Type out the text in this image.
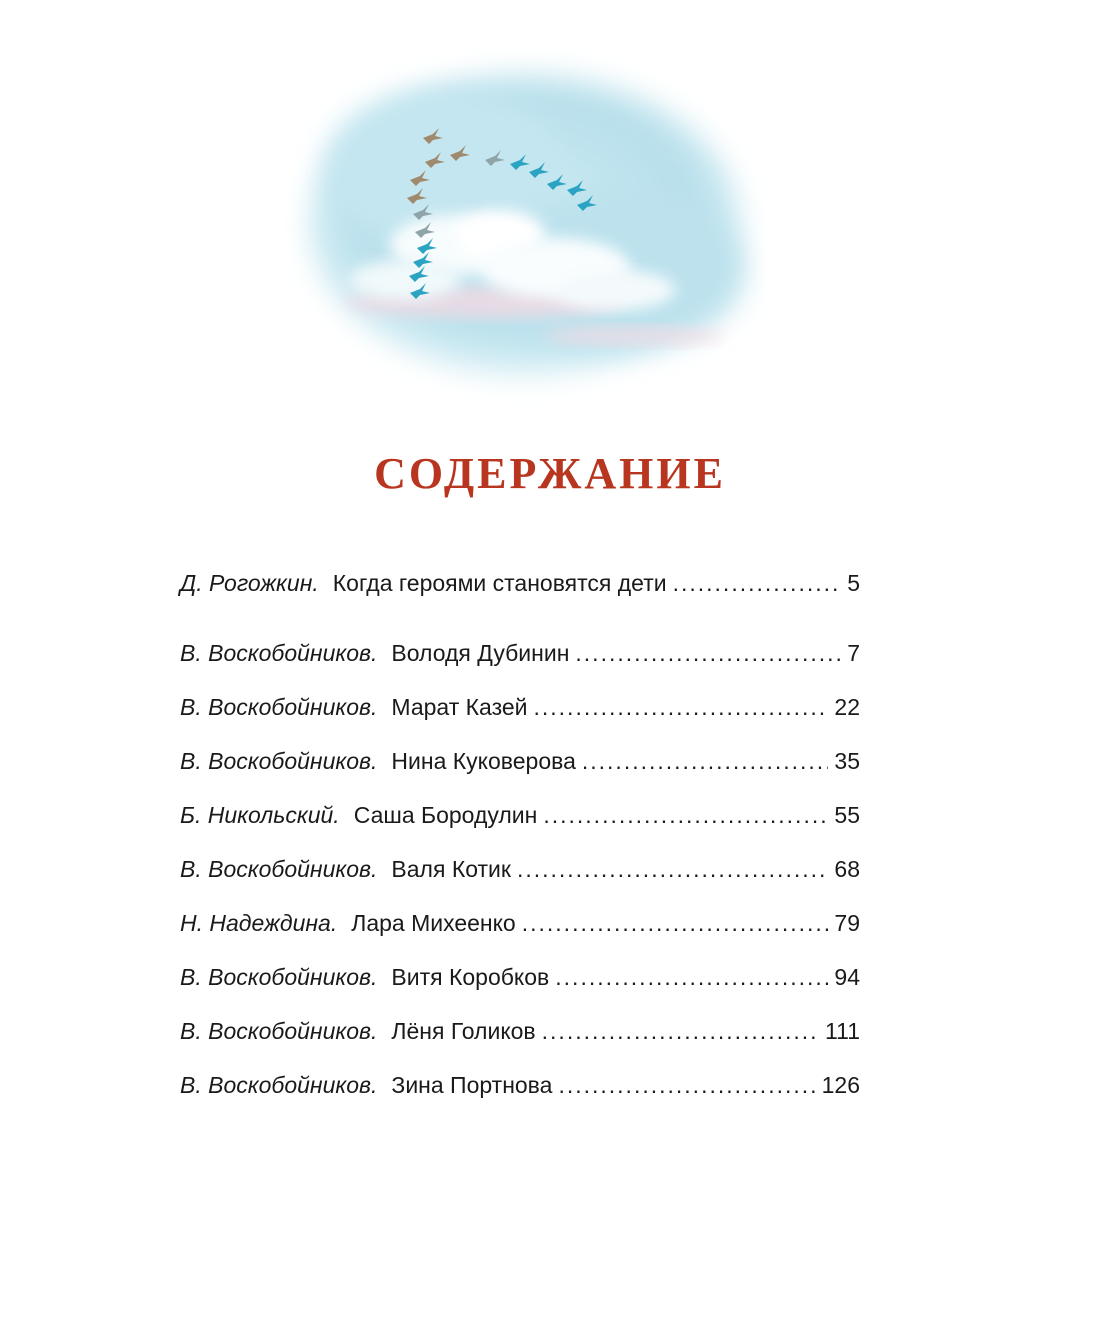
СОДЕРЖАНИЕ
Д. Рогожкин. Когда героями становятся дети .....	5
В. Воскобойников. Володя Дубинин .....	7
В. Воскобойников. Марат Казей .....	22
В. Воскобойников. Нина Куковерова .....	35
Б. Никольский. Саша Бородулин .....	55
В. Воскобойников. Валя Котик .....	68
Н. Надеждина. Лара Михеенко .....	79
В. Воскобойников. Витя Коробков .....	94
В. Воскобойников. Лёня Голиков .....	111
В. Воскобойников. Зина Портнова .....	126
